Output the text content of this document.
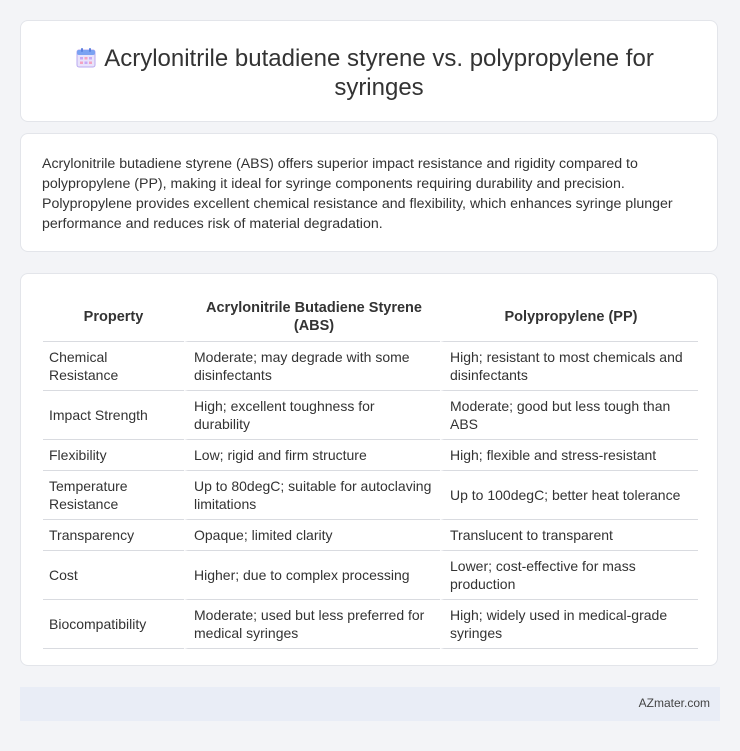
Acrylonitrile butadiene styrene vs. polypropylene for syringes

Acrylonitrile butadiene styrene (ABS) offers superior impact resistance and rigidity compared to polypropylene (PP), making it ideal for syringe components requiring durability and precision. Polypropylene provides excellent chemical resistance and flexibility, which enhances syringe plunger performance and reduces risk of material degradation.

Property	Acrylonitrile Butadiene Styrene (ABS)	Polypropylene (PP)
Chemical Resistance	Moderate; may degrade with some disinfectants	High; resistant to most chemicals and disinfectants
Impact Strength	High; excellent toughness for durability	Moderate; good but less tough than ABS
Flexibility	Low; rigid and firm structure	High; flexible and stress-resistant
Temperature Resistance	Up to 80degC; suitable for autoclaving limitations	Up to 100degC; better heat tolerance
Transparency	Opaque; limited clarity	Translucent to transparent
Cost	Higher; due to complex processing	Lower; cost-effective for mass production
Biocompatibility	Moderate; used but less preferred for medical syringes	High; widely used in medical-grade syringes
AZmater.com
